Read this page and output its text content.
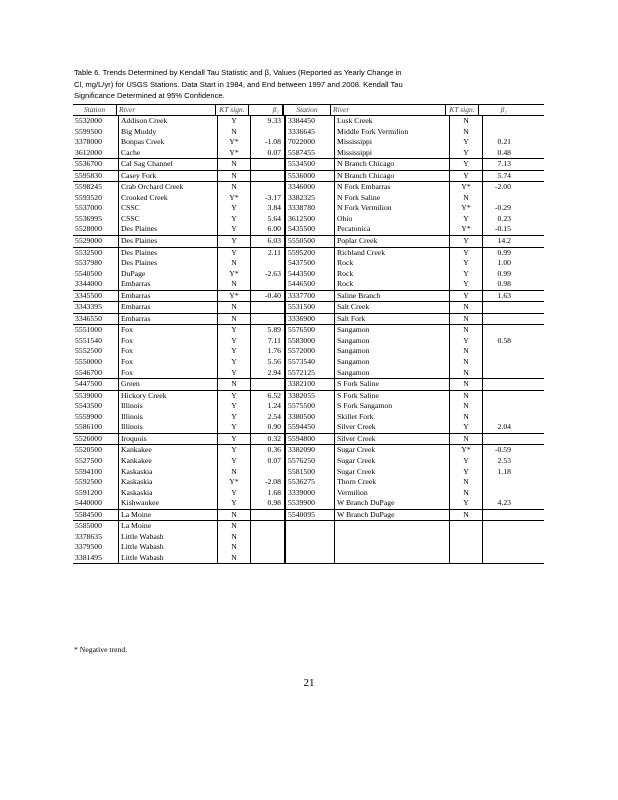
Table 6. Trends Determined by Kendall Tau Statistic and β, Values (Reported as Yearly Change in
Cl, mg/L/yr) for USGS Stations. Data Start in 1984, and End between 1997 and 2008. Kendall Tau
Significance Determined at 95% Confidence.
Station	River	KT sign.	β₁	Station	River	KT sign.	β₁
5532000	Addison Creek	Y	9.33 3384450	Lusk Creek	N
5599500	Big Muddy	N	3336645	Middle Fork Vermilion	N
3378000	Bonpas Creek	Y*	-1.08 7022000	Mississippi	Y	0.21
3612000	Cache	Y*	0.07 5587455	Mississippi	Y	0.48
5536700	Cal Sag Channel	N	5534500	N Branch Chicago	Y	7.13
5595830	Casey Fork	N	5536000	N Branch Chicago	Y	5.74
5598245	Crab Orchard Creek	N	3346000	N Fork Embarras	Y*	-2.00
5593520	Crooked Creek	Y*	-3.17 3382325	N Fork Saline	N
5537000	CSSC	Y	3.84 3338780	N Fork Vermilion	Y*	-0.29
5536995	CSSC	Y	5.64 3612500	Ohio	Y	0.23
5528000	Des Plaines	Y	6.00 5435500	Pecatonica	Y*	-0.15
5529000	Des Plaines	Y	6.03 5550500	Poplar Creek	Y	14.2
5532500	Des Plaines	Y	2.11 5595200	Richland Creek	Y	0.99
5537980	Des Plaines	N	5437500	Rock	Y	1.00
5540500	DuPage	Y*	-2.63 5443500	Rock	Y	0.99
3344000	Embarras	N	5446500	Rock	Y	0.98
3345500	Embarras	Y*	-0.40 3337700	Saline Branch	Y	1.63
3343395	Embarras	N	5531500	Salt Creek	N
3346550	Embarras	N	3336900	Salt Fork	N
5551000	Fox	Y	5.89 5576500	Sangamon	N
5551540	Fox	Y	7.11 5583000	Sangamon	Y	0.58
5552500	Fox	Y	1.76 5572000	Sangamon	N
5550000	Fox	Y	5.56 5573540	Sangamon	N
5546700	Fox	Y	2.94 5572125	Sangamon	N
5447500	Green	N	3382100	S Fork Saline	N
5539000	Hickory Creek	Y	6.52 3382055	S Fork Saline	N
5543500	Illinois	Y	1.24 5575500	S Fork Sangamon	N
5559900	Illinois	Y	2.54 3380500	Skillet Fork	N
5586100	Illinois	Y	0.90 5594450	Silver Creek	Y	2.04
5526000	Iroquois	Y	0.32 5594800	Silver Creek	N
5520500	Kankakee	Y	0.36 3382090	Sugar Creek	Y*	-0.59
5527500	Kankakee	Y	0.07 5576250	Sugar Creek	Y	2.53
5594100	Kaskaskia	N	5581500	Sugar Creek	Y	1.18
5592500	Kaskaskia	Y*	-2.08 5536275	Thorn Creek	N
5591200	Kaskaskia	Y	1.68 3339000	Vermilion	N
5440000	Kishwaukee	Y	0.98 5539900	W Branch DuPage	Y	4.23
5584500	La Moine	N	5540095	W Branch DuPage	N
5585000	La Moine	N
3378635	Little Wabash	N
3379500	Little Wabash	N
3381495	Little Wabash	N
* Negative trend.
21
